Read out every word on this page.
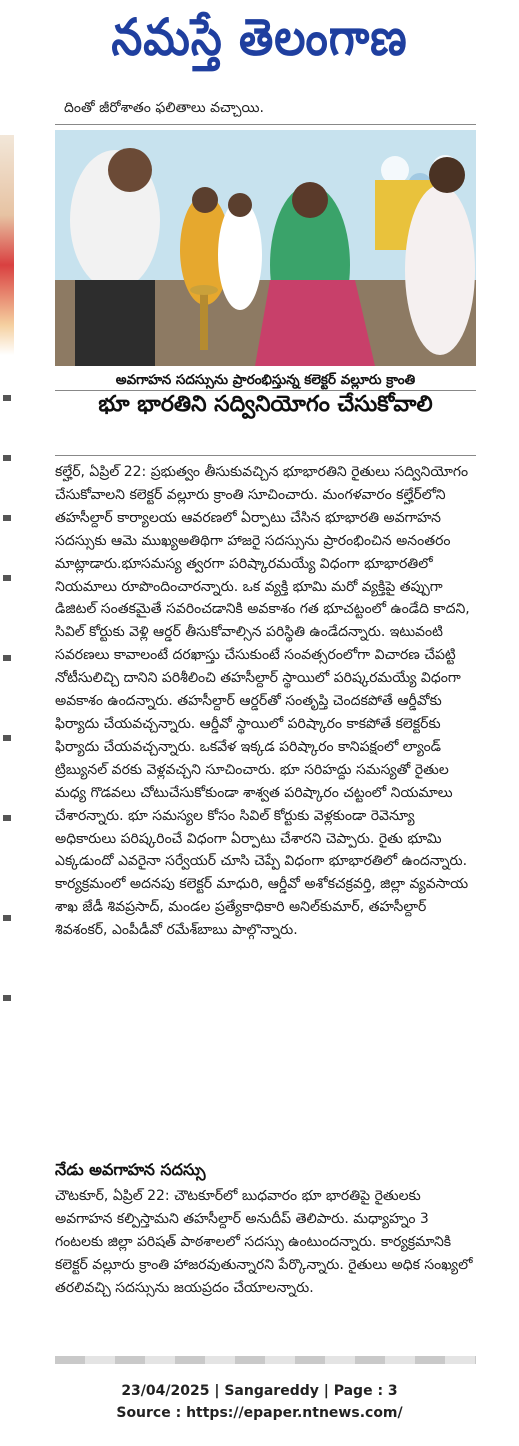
నమస్తే తెలంగాణ
దింతో జీరోశాతం ఫలితాలు వచ్చాయి.
అవగాహన సదస్సును ప్రారంభిస్తున్న కలెక్టర్ వల్లూరు క్రాంతి
భూ భారతిని సద్వినియోగం చేసుకోవాలి
కల్హేర్, ఏప్రిల్ 22: ప్రభుత్వం తీసుకువచ్చిన భూభారతిని రైతులు సద్వినియోగం చేసుకోవాలని కలెక్టర్ వల్లూరు క్రాంతి సూచించారు. మంగళవారం కల్హేర్‌లోని తహసీల్దార్ కార్యాలయ ఆవరణలో ఏర్పాటు చేసిన భూభారతి అవగాహన సదస్సుకు ఆమె ముఖ్యఅతిథిగా హాజరై సదస్సును ప్రారంభించిన అనంతరం మాట్లాడారు.భూసమస్య త్వరగా పరిష్కారమయ్యే విధంగా భూభారతిలో నియమాలు రూపొందించారన్నారు. ఒక వ్యక్తి భూమి మరో వ్యక్తిపై తప్పుగా డిజిటల్ సంతకమైతే సవరించడానికి అవకాశం గత భూచట్టంలో ఉండేది కాదని, సివిల్ కోర్టుకు వెళ్లి ఆర్డర్ తీసుకోవాల్సిన పరిస్థితి ఉండేదన్నారు. ఇటువంటి సవరణలు కావాలంటే దరఖాస్తు చేసుకుంటే సంవత్సరంలోగా విచారణ చేపట్టి నోటీసులిచ్చి దానిని పరిశీలించి తహసీల్దార్ స్థాయిలో పరిష్కరమయ్యే విధంగా అవకాశం ఉందన్నారు. తహసీల్దార్ ఆర్డర్‌తో సంతృప్తి చెందకపోతే ఆర్డీవోకు ఫిర్యాదు చేయవచ్చన్నారు. ఆర్డీవో స్థాయిలో పరిష్కారం కాకపోతే కలెక్టర్‌కు ఫిర్యాదు చేయవచ్చన్నారు. ఒకవేళ ఇక్కడ పరిష్కారం కానిపక్షంలో ల్యాండ్ ట్రిబ్యునల్ వరకు వెళ్లవచ్చని సూచించారు. భూ సరిహద్దు సమస్యతో రైతుల మధ్య గొడవలు చోటుచేసుకోకుండా శాశ్వత పరిష్కారం చట్టంలో నియమాలు చేశారన్నారు. భూ సమస్యల కోసం సివిల్ కోర్టుకు వెళ్లకుండా రెవెన్యూ అధికారులు పరిష్కరించే విధంగా ఏర్పాటు చేశారని చెప్పారు. రైతు భూమి ఎక్కడుందో ఎవరైనా సర్వేయర్ చూసి చెప్పే విధంగా భూభారతిలో ఉందన్నారు. కార్యక్రమంలో అదనపు కలెక్టర్ మాధురి, ఆర్డీవో అశోకచక్రవర్తి, జిల్లా వ్యవసాయ శాఖ జేడీ శివప్రసాద్, మండల ప్రత్యేకాధికారి అనిల్‌కుమార్, తహసీల్దార్ శివశంకర్, ఎంపీడీవో రమేశ్‌బాబు పాల్గొన్నారు.
నేడు అవగాహన సదస్సు
చౌటకూర్, ఏప్రిల్ 22: చౌటకూర్‌లో బుధవారం భూ భారతిపై రైతులకు అవగాహన కల్పిస్తామని తహసీల్దార్ అనుదీప్ తెలిపారు. మధ్యాహ్నం 3 గంటలకు జిల్లా పరిషత్ పాఠశాలలో సదస్సు ఉంటుందన్నారు. కార్యక్రమానికి కలెక్టర్ వల్లూరు క్రాంతి హాజరవుతున్నారని పేర్కొన్నారు. రైతులు అధిక సంఖ్యలో తరలివచ్చి సదస్సును జయప్రదం చేయాలన్నారు.
23/04/2025 | Sangareddy | Page : 3
Source : https://epaper.ntnews.com/
